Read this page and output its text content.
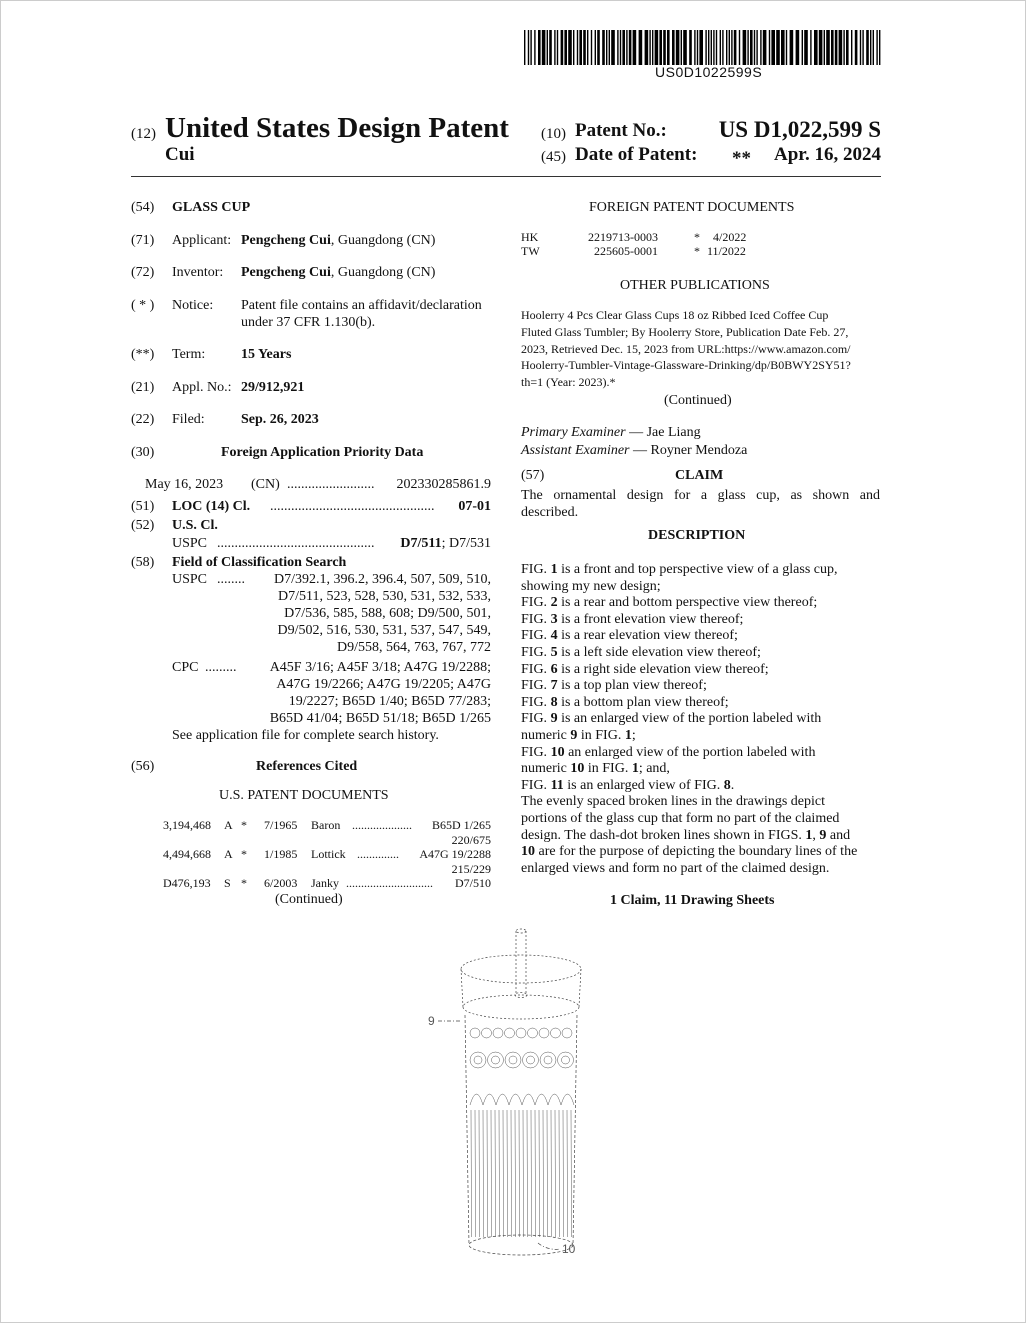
US0D1022599S
(12) United States Design Patent
Cui
(10) Patent No.: US D1,022,599 S
(45) Date of Patent: ** Apr. 16, 2024
(54) GLASS CUP
(71) Applicant: Pengcheng Cui, Guangdong (CN)
(72) Inventor: Pengcheng Cui, Guangdong (CN)
( * ) Notice: Patent file contains an affidavit/declaration
under 37 CFR 1.130(b).
(**) Term:	15 Years
(21) Appl. No.: 29/912,921
(22) Filed:	Sep. 26, 2023
(30)	Foreign Application Priority Data
May 16, 2023 (CN) ......................... 202330285861.9
(51) LOC (14) Cl. ............................................... 07-01
(52) U.S. Cl.
USPC ............................................. D7/511; D7/531
(58) Field of Classification Search
USPC ........ D7/392.1, 396.2, 396.4, 507, 509, 510,
D7/511, 523, 528, 530, 531, 532, 533,
D7/536, 585, 588, 608; D9/500, 501,
D9/502, 516, 530, 531, 537, 547, 549,
D9/558, 564, 763, 767, 772
CPC ......... A45F 3/16; A45F 3/18; A47G 19/2288;
A47G 19/2266; A47G 19/2205; A47G
19/2227; B65D 1/40; B65D 77/283;
B65D 41/04; B65D 51/18; B65D 1/265
See application file for complete search history.
(56)	References Cited
U.S. PATENT DOCUMENTS
3,194,468 A * 7/1965 Baron .................... B65D 1/265
220/675
4,494,668 A * 1/1985 Lottick .............. A47G 19/2288
215/229
D476,193 S * 6/2003 Janky ............................. D7/510
(Continued)
FOREIGN PATENT DOCUMENTS
HK	2219713-0003	* 4/2022
TW	225605-0001	* 11/2022
OTHER PUBLICATIONS
Hoolerry 4 Pcs Clear Glass Cups 18 oz Ribbed Iced Coffee Cup
Fluted Glass Tumbler; By Hoolerry Store, Publication Date Feb. 27,
2023, Retrieved Dec. 15, 2023 from URL:https://www.amazon.com/
Hoolerry-Tumbler-Vintage-Glassware-Drinking/dp/B0BWY2SY51?
th=1 (Year: 2023).*
(Continued)
Primary Examiner — Jae Liang
Assistant Examiner — Royner Mendoza
(57)	CLAIM
The ornamental design for a glass cup, as shown and
described.
DESCRIPTION
FIG. 1 is a front and top perspective view of a glass cup,
showing my new design;
FIG. 2 is a rear and bottom perspective view thereof;
FIG. 3 is a front elevation view thereof;
FIG. 4 is a rear elevation view thereof;
FIG. 5 is a left side elevation view thereof;
FIG. 6 is a right side elevation view thereof;
FIG. 7 is a top plan view thereof;
FIG. 8 is a bottom plan view thereof;
FIG. 9 is an enlarged view of the portion labeled with
numeric 9 in FIG. 1;
FIG. 10 an enlarged view of the portion labeled with
numeric 10 in FIG. 1; and,
FIG. 11 is an enlarged view of FIG. 8.
The evenly spaced broken lines in the drawings depict
portions of the glass cup that form no part of the claimed
design. The dash-dot broken lines shown in FIGS. 1, 9 and
10 are for the purpose of depicting the boundary lines of the
enlarged views and form no part of the claimed design.
1 Claim, 11 Drawing Sheets
9
10
